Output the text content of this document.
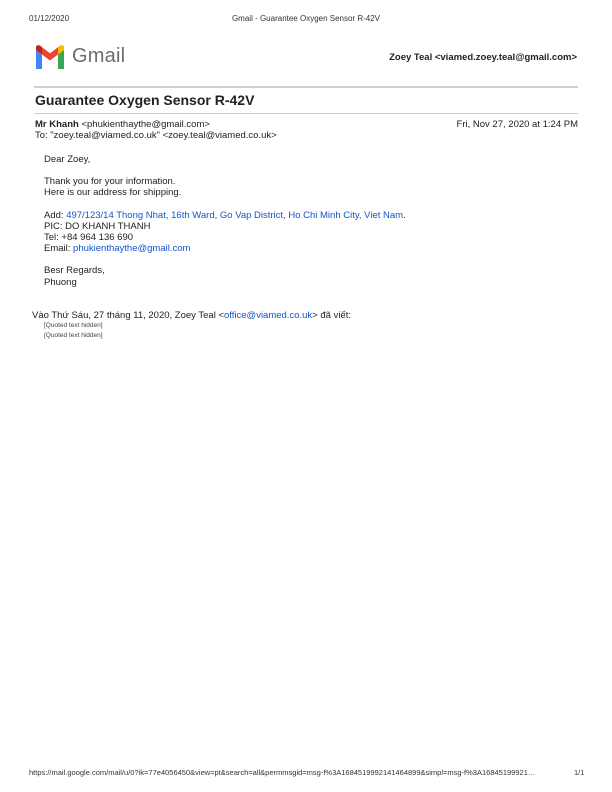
01/12/2020	Gmail - Guarantee Oxygen Sensor R-42V
Gmail	Zoey Teal <viamed.zoey.teal@gmail.com>
Guarantee Oxygen Sensor R-42V
Mr Khanh <phukienthaythe@gmail.com>	Fri, Nov 27, 2020 at 1:24 PM
To: "zoey.teal@viamed.co.uk" <zoey.teal@viamed.co.uk>
Dear Zoey,
Thank you for your information.
Here is our address for shipping.
Add: 497/123/14 Thong Nhat, 16th Ward, Go Vap District, Ho Chi Minh City, Viet Nam.
PIC: DO KHANH THANH
Tel: +84 964 136 690
Email: phukienthaythe@gmail.com
Besr Regards,
Phuong
Vào Thứ Sáu, 27 tháng 11, 2020, Zoey Teal <office@viamed.co.uk> đã viết:
[Quoted text hidden]
[Quoted text hidden]
https://mail.google.com/mail/u/0?ik=77e4056450&view=pt&search=all&permmsgid=msg-f%3A1684519992141464899&simpl=msg-f%3A16845199921…	1/1
